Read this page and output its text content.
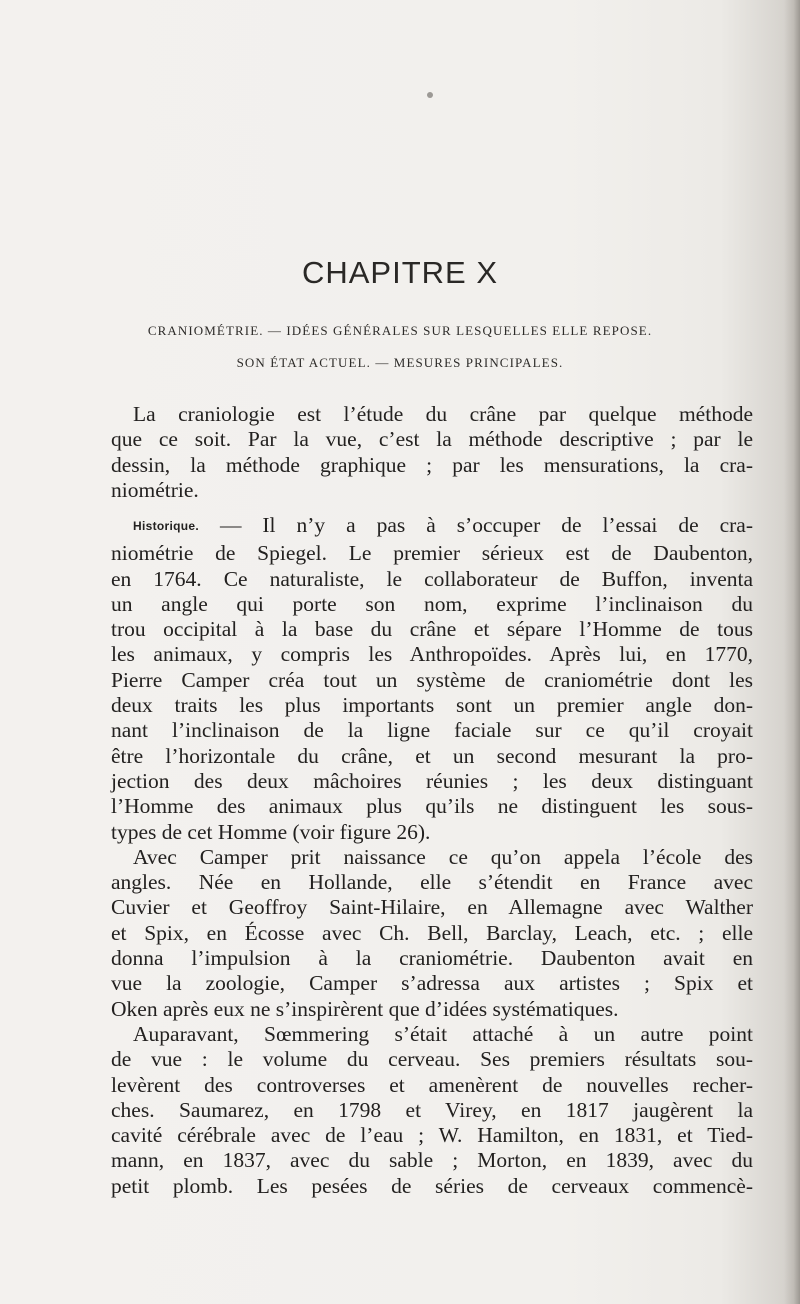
CHAPITRE X
CRANIOMÉTRIE. — IDÉES GÉNÉRALES SUR LESQUELLES ELLE REPOSE.
SON ÉTAT ACTUEL. — MESURES PRINCIPALES.
La craniologie est l’étude du crâne par quelque méthode
que ce soit. Par la vue, c’est la méthode descriptive ; par le
dessin, la méthode graphique ; par les mensurations, la cra-
niométrie.
Historique. — Il n’y a pas à s’occuper de l’essai de cra-
niométrie de Spiegel. Le premier sérieux est de Daubenton,
en 1764. Ce naturaliste, le collaborateur de Buffon, inventa
un angle qui porte son nom, exprime l’inclinaison du
trou occipital à la base du crâne et sépare l’Homme de tous
les animaux, y compris les Anthropoïdes. Après lui, en 1770,
Pierre Camper créa tout un système de craniométrie dont les
deux traits les plus importants sont un premier angle don-
nant l’inclinaison de la ligne faciale sur ce qu’il croyait
être l’horizontale du crâne, et un second mesurant la pro-
jection des deux mâchoires réunies ; les deux distinguant
l’Homme des animaux plus qu’ils ne distinguent les sous-
types de cet Homme (voir figure 26).
Avec Camper prit naissance ce qu’on appela l’école des
angles. Née en Hollande, elle s’étendit en France avec
Cuvier et Geoffroy Saint-Hilaire, en Allemagne avec Walther
et Spix, en Écosse avec Ch. Bell, Barclay, Leach, etc. ; elle
donna l’impulsion à la craniométrie. Daubenton avait en
vue la zoologie, Camper s’adressa aux artistes ; Spix et
Oken après eux ne s’inspirèrent que d’idées systématiques.
Auparavant, Sœmmering s’était attaché à un autre point
de vue : le volume du cerveau. Ses premiers résultats sou-
levèrent des controverses et amenèrent de nouvelles recher-
ches. Saumarez, en 1798 et Virey, en 1817 jaugèrent la
cavité cérébrale avec de l’eau ; W. Hamilton, en 1831, et Tied-
mann, en 1837, avec du sable ; Morton, en 1839, avec du
petit plomb. Les pesées de séries de cerveaux commencè-
